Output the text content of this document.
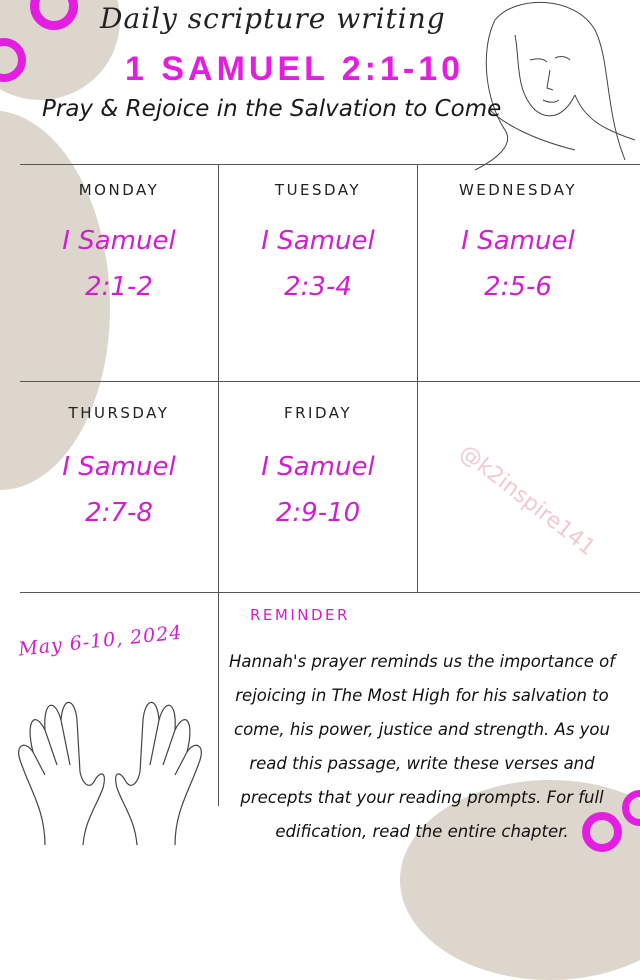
Daily scripture writing
1 SAMUEL 2:1-10
Pray & Rejoice in the Salvation to Come
MONDAY
I Samuel
2:1-2
TUESDAY
I Samuel
2:3-4
WEDNESDAY
I Samuel
2:5-6
THURSDAY
I Samuel
2:7-8
FRIDAY
I Samuel
2:9-10	@k2inspire141
REMINDER
May 6-10, 2024
Hannah's prayer reminds us the importance of rejoicing in The Most High for his salvation to come, his power, justice and strength. As you read this passage, write these verses and precepts that your reading prompts. For full edification, read the entire chapter.
